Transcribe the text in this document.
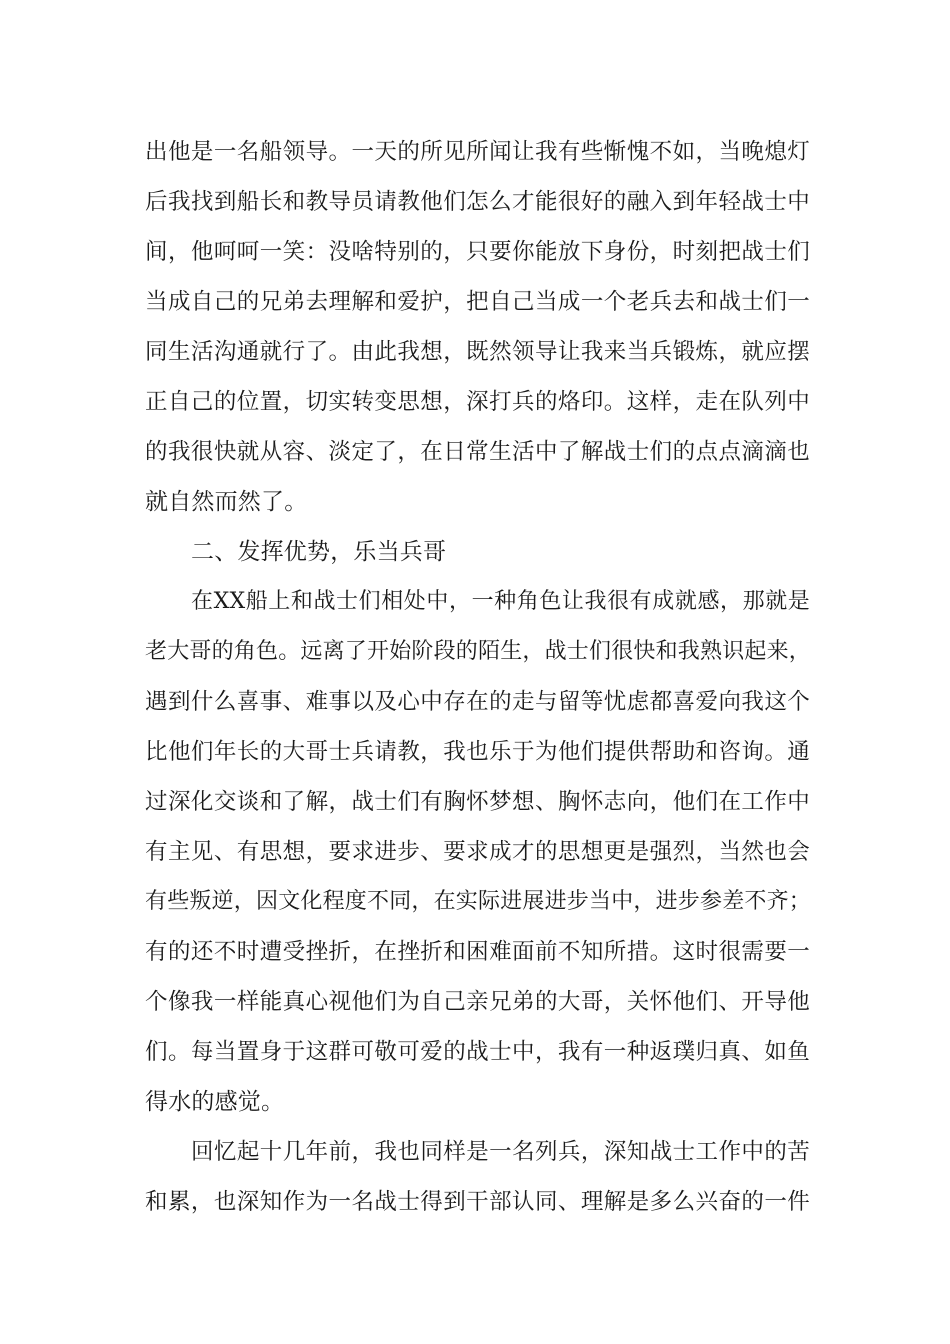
出他是一名船领导。一天的所见所闻让我有些惭愧不如，当晚熄灯
后我找到船长和教导员请教他们怎么才能很好的融入到年轻战士中
间，他呵呵一笑：没啥特别的，只要你能放下身份，时刻把战士们
当成自己的兄弟去理解和爱护，把自己当成一个老兵去和战士们一
同生活沟通就行了。由此我想，既然领导让我来当兵锻炼，就应摆
正自己的位置，切实转变思想，深打兵的烙印。这样，走在队列中
的我很快就从容、淡定了，在日常生活中了解战士们的点点滴滴也
就自然而然了。
二、发挥优势，乐当兵哥
在XX船上和战士们相处中，一种角色让我很有成就感，那就是
老大哥的角色。远离了开始阶段的陌生，战士们很快和我熟识起来，
遇到什么喜事、难事以及心中存在的走与留等忧虑都喜爱向我这个
比他们年长的大哥士兵请教，我也乐于为他们提供帮助和咨询。通
过深化交谈和了解，战士们有胸怀梦想、胸怀志向，他们在工作中
有主见、有思想，要求进步、要求成才的思想更是强烈，当然也会
有些叛逆，因文化程度不同，在实际进展进步当中，进步参差不齐；
有的还不时遭受挫折，在挫折和困难面前不知所措。这时很需要一
个像我一样能真心视他们为自己亲兄弟的大哥，关怀他们、开导他
们。每当置身于这群可敬可爱的战士中，我有一种返璞归真、如鱼
得水的感觉。
回忆起十几年前，我也同样是一名列兵，深知战士工作中的苦
和累，也深知作为一名战士得到干部认同、理解是多么兴奋的一件
